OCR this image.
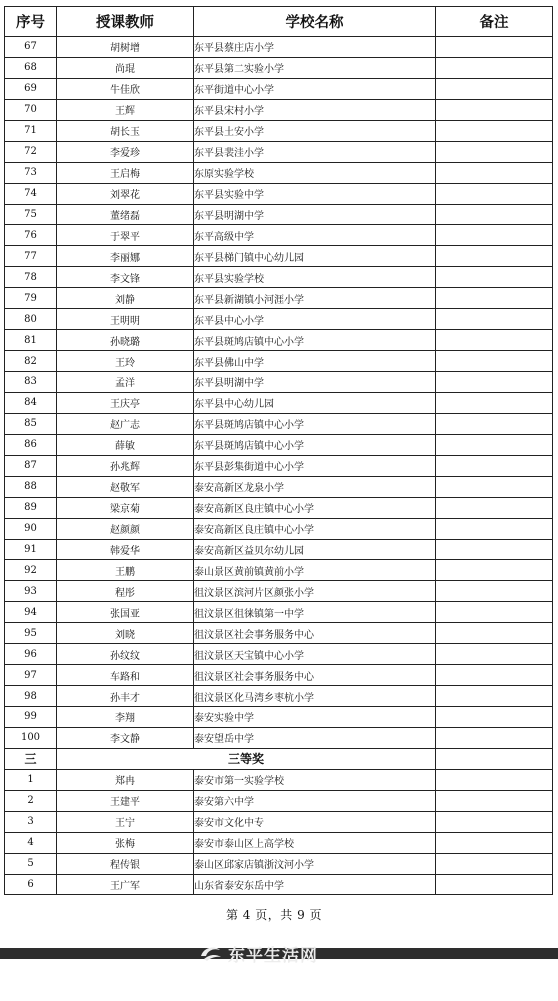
序号	授课教师	学校名称	备注
67	胡树增	东平县蔡庄店小学	
68	尚琨	东平县第二实验小学	
69	牛佳欣	东平街道中心小学	
70	王辉	东平县宋村小学	
71	胡长玉	东平县土安小学	
72	李爱珍	东平县裴洼小学	
73	王启梅	东原实验学校	
74	刘翠花	东平县实验中学	
75	董绪磊	东平县明湖中学	
76	于翠平	东平高级中学	
77	李丽娜	东平县梯门镇中心幼儿园	
78	李文锋	东平县实验学校	
79	刘静	东平县新湖镇小河涯小学	
80	王明明	东平县中心小学	
81	孙晓璐	东平县斑鸠店镇中心小学	
82	王玲	东平县佛山中学	
83	孟洋	东平县明湖中学	
84	王庆亭	东平县中心幼儿园	
85	赵广志	东平县斑鸠店镇中心小学	
86	薛敏	东平县斑鸠店镇中心小学	
87	孙兆辉	东平县彭集街道中心小学	
88	赵敬军	泰安高新区龙泉小学	
89	梁京菊	泰安高新区良庄镇中心小学	
90	赵颜颜	泰安高新区良庄镇中心小学	
91	韩爱华	泰安高新区益贝尔幼儿园	
92	王鹏	泰山景区黄前镇黄前小学	
93	程彤	徂汶景区滨河片区颜张小学	
94	张国亚	徂汶景区徂徕镇第一中学	
95	刘晓	徂汶景区社会事务服务中心	
96	孙纹纹	徂汶景区天宝镇中心小学	
97	车路和	徂汶景区社会事务服务中心	
98	孙丰才	徂汶景区化马湾乡枣杭小学	
99	李翔	泰安实验中学	
100	李文静	泰安望岳中学	
三	三等奖		
1	郑冉	泰安市第一实验学校	
2	王建平	泰安第六中学	
3	王宁	泰安市文化中专	
4	张梅	泰安市泰山区上高学校	
5	程传银	泰山区邱家店镇浙汶河小学	
6	王广军	山东省泰安东岳中学	
第 4 页，共 9 页
东平生活网
